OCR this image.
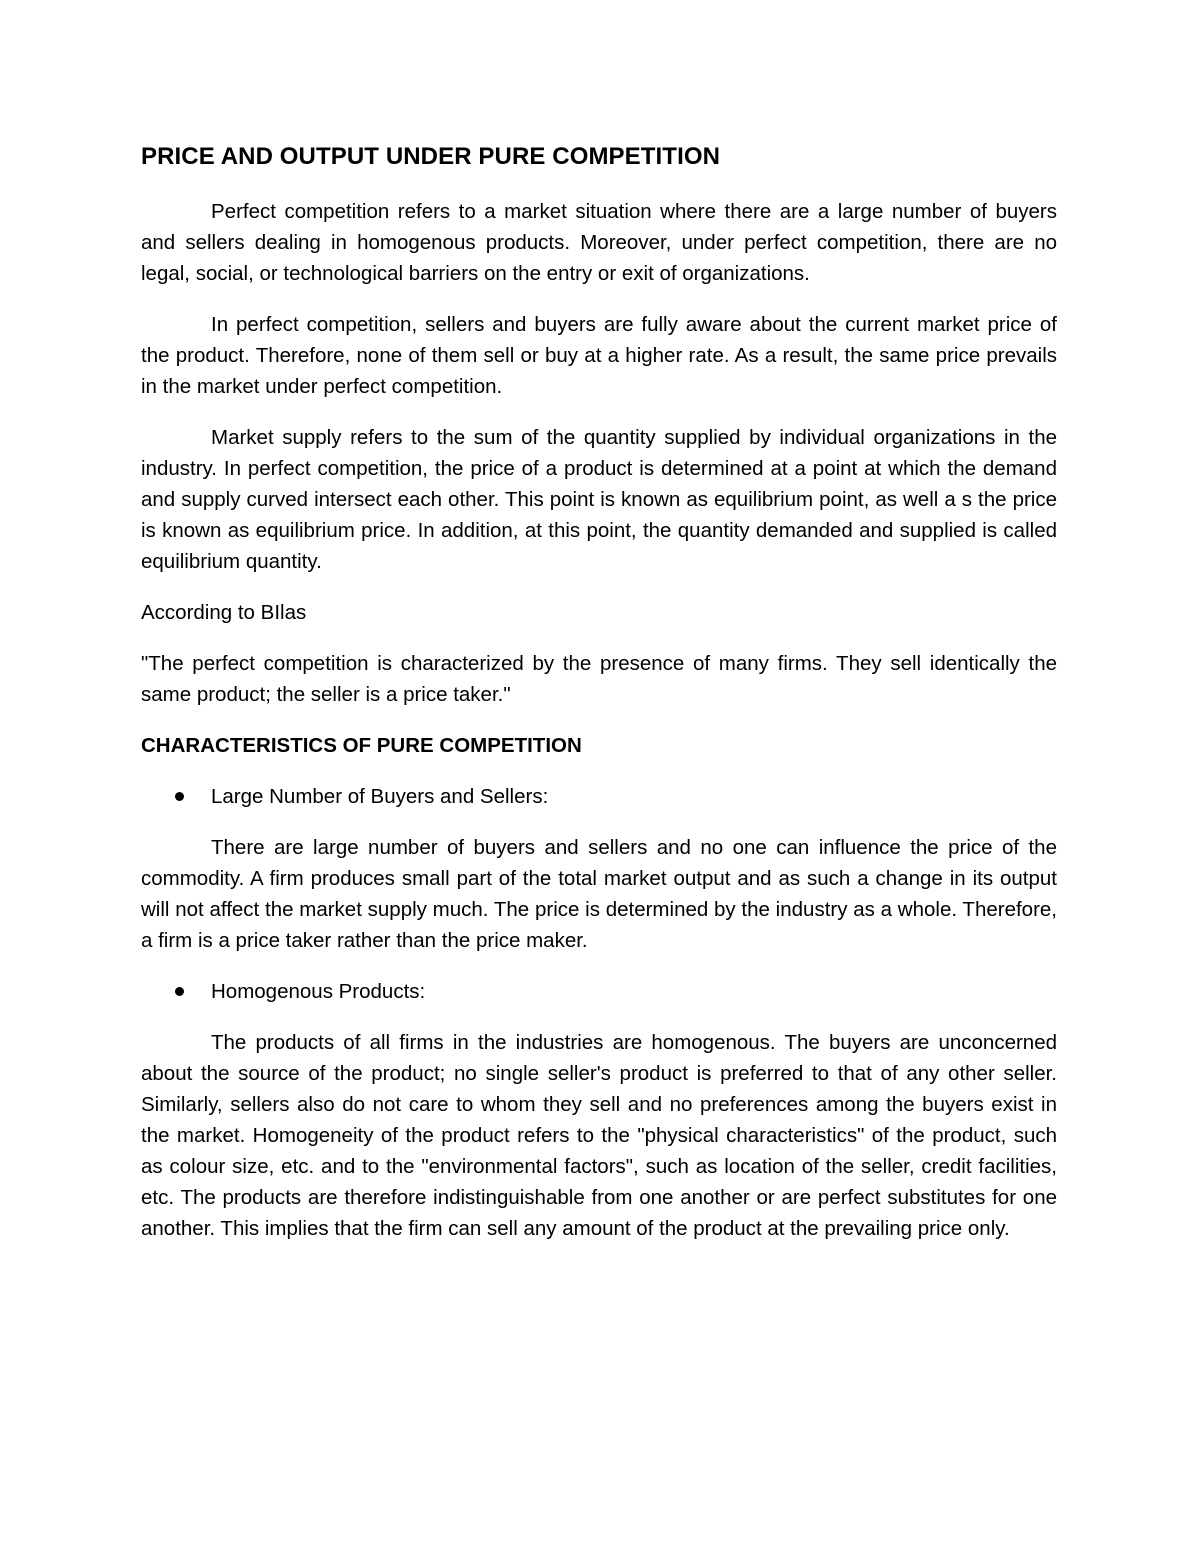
PRICE AND OUTPUT UNDER PURE COMPETITION

Perfect competition refers to a market situation where there are a large number of buyers and sellers dealing in homogenous products. Moreover, under perfect competition, there are no legal, social, or technological barriers on the entry or exit of organizations.

In perfect competition, sellers and buyers are fully aware about the current market price of the product. Therefore, none of them sell or buy at a higher rate. As a result, the same price prevails in the market under perfect competition.

Market supply refers to the sum of the quantity supplied by individual organizations in the industry. In perfect competition, the price of a product is determined at a point at which the demand and supply curved intersect each other. This point is known as equilibrium point, as well a s the price is known as equilibrium price. In addition, at this point, the quantity demanded and supplied is called equilibrium quantity.

According to BIlas

"The perfect competition is characterized by the presence of many firms. They sell identically the same product; the seller is a price taker."

CHARACTERISTICS OF PURE COMPETITION
Large Number of Buyers and Sellers:

There are large number of buyers and sellers and no one can influence the price of the commodity. A firm produces small part of the total market output and as such a change in its output will not affect the market supply much. The price is determined by the industry as a whole. Therefore, a firm is a price taker rather than the price maker.

Homogenous Products:

The products of all firms in the industries are homogenous. The buyers are unconcerned about the source of the product; no single seller's product is preferred to that of any other seller. Similarly, sellers also do not care to whom they sell and no preferences among the buyers exist in the market. Homogeneity of the product refers to the "physical characteristics" of the product, such as colour size, etc. and to the "environmental factors", such as location of the seller, credit facilities, etc. The products are therefore indistinguishable from one another or are perfect substitutes for one another. This implies that the firm can sell any amount of the product at the prevailing price only.
